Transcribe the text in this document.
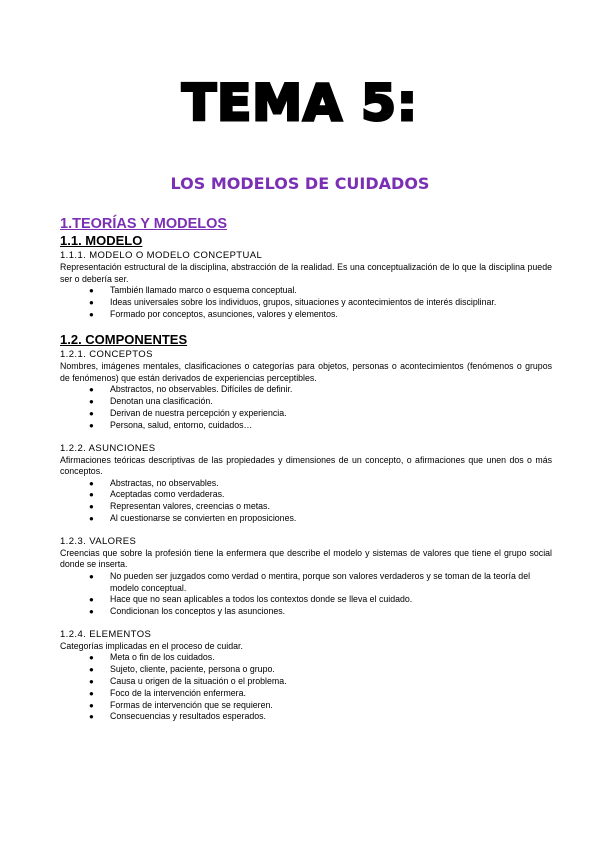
TEMA 5:
LOS MODELOS DE CUIDADOS
1.TEORÍAS Y MODELOS
1.1. MODELO
1.1.1. MODELO O MODELO CONCEPTUAL
Representación estructural de la disciplina, abstracción de la realidad. Es una conceptualización de lo que la disciplina puede ser o debería ser.
● También llamado marco o esquema conceptual.
● Ideas universales sobre los individuos, grupos, situaciones y acontecimientos de interés disciplinar.
● Formado por conceptos, asunciones, valores y elementos.
1.2. COMPONENTES
1.2.1. CONCEPTOS
Nombres, imágenes mentales, clasificaciones o categorías para objetos, personas o acontecimientos (fenómenos o grupos de fenómenos) que están derivados de experiencias perceptibles.
● Abstractos, no observables. Difíciles de definir.
● Denotan una clasificación.
● Derivan de nuestra percepción y experiencia.
● Persona, salud, entorno, cuidados…
1.2.2. ASUNCIONES
Afirmaciones teóricas descriptivas de las propiedades y dimensiones de un concepto, o afirmaciones que unen dos o más conceptos.
● Abstractas, no observables.
● Aceptadas como verdaderas.
● Representan valores, creencias o metas.
● Al cuestionarse se convierten en proposiciones.
1.2.3. VALORES
Creencias que sobre la profesión tiene la enfermera que describe el modelo y sistemas de valores que tiene el grupo social donde se inserta.
● No pueden ser juzgados como verdad o mentira, porque son valores verdaderos y se toman de la teoría del modelo conceptual.
● Hace que no sean aplicables a todos los contextos donde se lleva el cuidado.
● Condicionan los conceptos y las asunciones.
1.2.4. ELEMENTOS
Categorías implicadas en el proceso de cuidar.
● Meta o fin de los cuidados.
● Sujeto, cliente, paciente, persona o grupo.
● Causa u origen de la situación o el problema.
● Foco de la intervención enfermera.
● Formas de intervención que se requieren.
● Consecuencias y resultados esperados.
